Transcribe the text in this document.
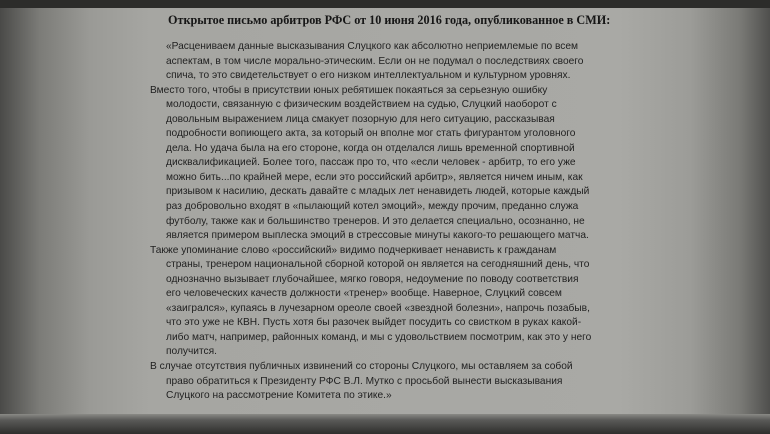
Открытое письмо арбитров РФС от 10 июня 2016 года, опубликованное в СМИ:
«Расцениваем данные высказывания Слуцкого как абсолютно неприемлемые по всем
аспектам, в том числе морально-этическим. Если он не подумал о последствиях своего
спича, то это свидетельствует о его низком интеллектуальном и культурном уровнях.
Вместо того, чтобы в присутствии юных ребятишек покаяться за серьезную ошибку
молодости, связанную с физическим воздействием на судью, Слуцкий наоборот с
довольным выражением лица смакует позорную для него ситуацию, рассказывая
подробности вопиющего акта, за который он вполне мог стать фигурантом уголовного
дела. Но удача была на его стороне, когда он отделался лишь временной спортивной
дисквалификацией. Более того, пассаж про то, что «если человек - арбитр, то его уже
можно бить...по крайней мере, если это российский арбитр», является ничем иным, как
призывом к насилию, дескать давайте с младых лет ненавидеть людей, которые каждый
раз добровольно входят в «пылающий котел эмоций», между прочим, преданно служа
футболу, также как и большинство тренеров. И это делается специально, осознанно, не
является примером выплеска эмоций в стрессовые минуты какого-то решающего матча.
Также упоминание слово «российский» видимо подчеркивает ненависть к гражданам
страны, тренером национальной сборной которой он является на сегодняшний день, что
однозначно вызывает глубочайшее, мягко говоря, недоумение по поводу соответствия
его человеческих качеств должности «тренер» вообще. Наверное, Слуцкий совсем
«заигрался», купаясь в лучезарном ореоле своей «звездной болезни», напрочь позабыв,
что это уже не КВН. Пусть хотя бы разочек выйдет посудить со свистком в руках какой-
либо матч, например, районных команд, и мы с удовольствием посмотрим, как это у него
получится.
В случае отсутствия публичных извинений со стороны Слуцкого, мы оставляем за собой
право обратиться к Президенту РФС В.Л. Мутко с просьбой вынести высказывания
Слуцкого на рассмотрение Комитета по этике.»
